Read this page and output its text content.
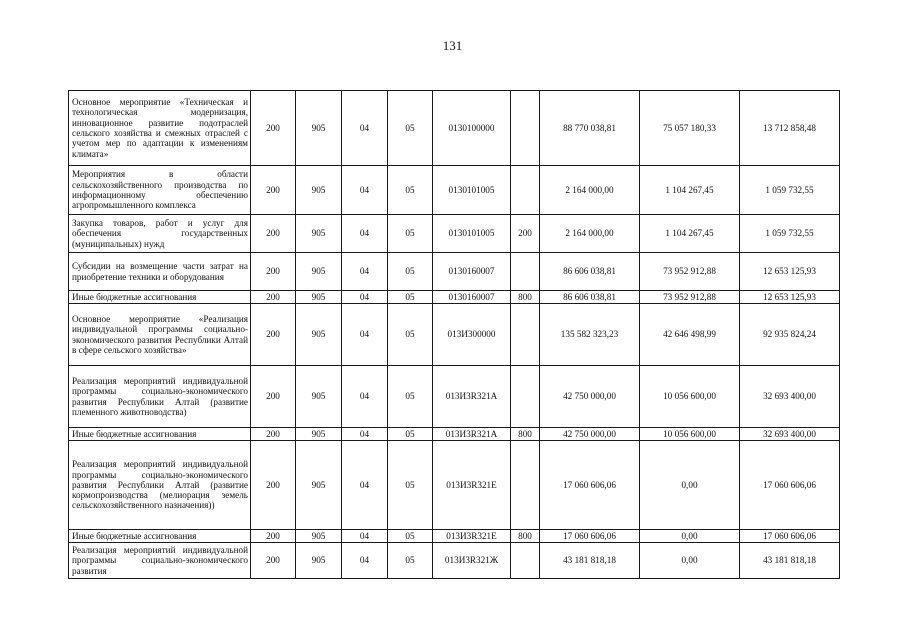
131
Основное мероприятие «Техническая и технологическая модернизация, инновационное развитие подотраслей сельского хозяйства и смежных отраслей с учетом мер по адаптации к изменениям климата»	200	905	04	05	0130100000		88 770 038,81	75 057 180,33	13 712 858,48
Мероприятия в области сельскохозяйственного производства по информационному обеспечению агропромышленного комплекса	200	905	04	05	0130101005		2 164 000,00	1 104 267,45	1 059 732,55
Закупка товаров, работ и услуг для обеспечения государственных (муниципальных) нужд	200	905	04	05	0130101005	200	2 164 000,00	1 104 267,45	1 059 732,55
Субсидии на возмещение части затрат на приобретение техники и оборудования	200	905	04	05	0130160007		86 606 038,81	73 952 912,88	12 653 125,93
Иные бюджетные ассигнования	200	905	04	05	0130160007	800	86 606 038,81	73 952 912,88	12 653 125,93
Основное мероприятие «Реализация индивидуальной программы социально-экономического развития Республики Алтай в сфере сельского хозяйства»	200	905	04	05	013И300000		135 582 323,23	42 646 498,99	92 935 824,24
Реализация мероприятий индивидуальной программы социально-экономического развития Республики Алтай (развитие племенного животноводства)	200	905	04	05	013И3R321A		42 750 000,00	10 056 600,00	32 693 400,00
Иные бюджетные ассигнования	200	905	04	05	013И3R321A	800	42 750 000,00	10 056 600,00	32 693 400,00
Реализация мероприятий индивидуальной программы социально-экономического развития Республики Алтай (развитие кормопроизводства (мелиорация земель сельскохозяйственного назначения))	200	905	04	05	013И3R321Е		17 060 606,06	0,00	17 060 606,06
Иные бюджетные ассигнования	200	905	04	05	013И3R321Е	800	17 060 606,06	0,00	17 060 606,06
Реализация мероприятий индивидуальной программы социально-экономического развития	200	905	04	05	013И3R321Ж		43 181 818,18	0,00	43 181 818,18
